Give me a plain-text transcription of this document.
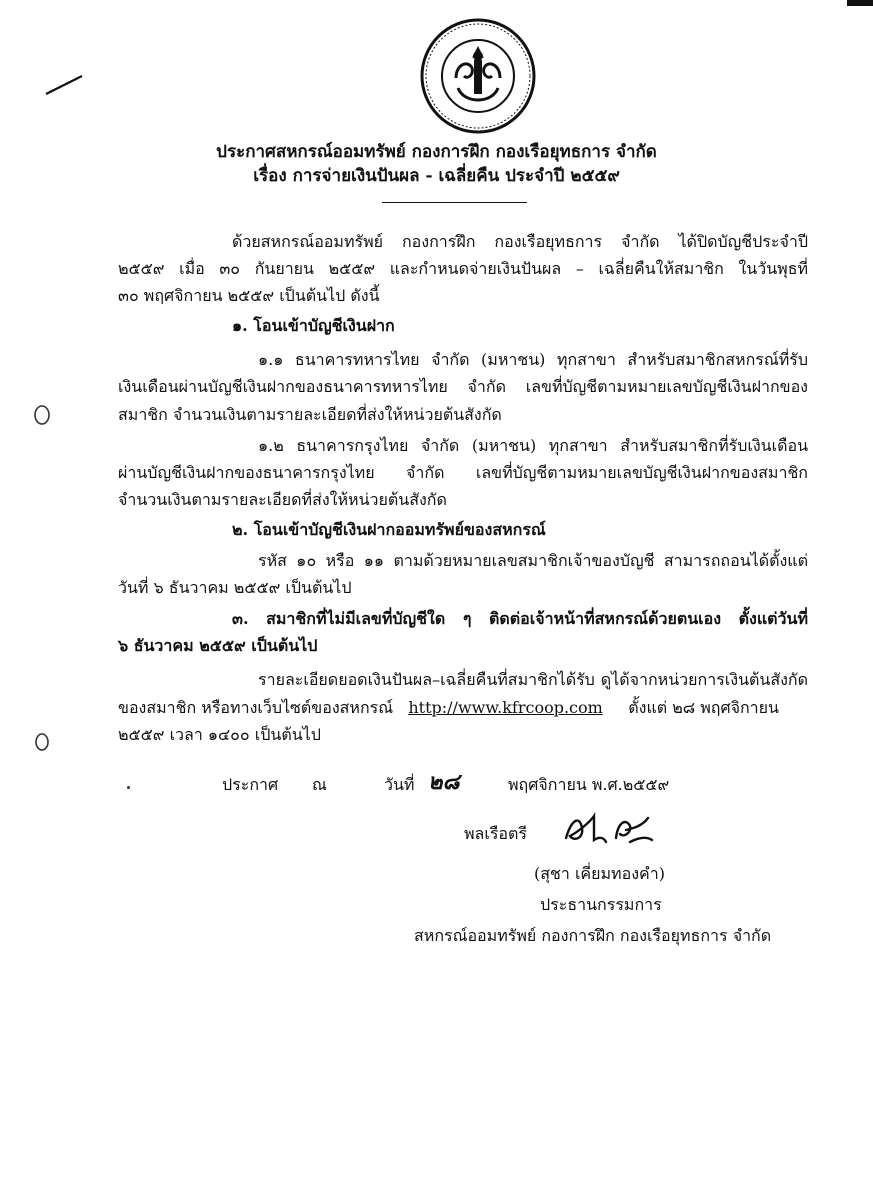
ประกาศสหกรณ์ออมทรัพย์ กองการฝึก กองเรือยุทธการ จำกัด
เรื่อง การจ่ายเงินปันผล - เฉลี่ยคืน ประจำปี ๒๕๕๙
ด้วยสหกรณ์ออมทรัพย์ กองการฝึก กองเรือยุทธการ จำกัด ได้ปิดบัญชีประจำปี
๒๕๕๙ เมื่อ ๓๐ กันยายน ๒๕๕๙ และกำหนดจ่ายเงินปันผล – เฉลี่ยคืนให้สมาชิก ในวันพุธที่
๓๐ พฤศจิกายน ๒๕๕๙ เป็นต้นไป ดังนี้
๑. โอนเข้าบัญชีเงินฝาก
๑.๑ ธนาคารทหารไทย จำกัด (มหาชน) ทุกสาขา สำหรับสมาชิกสหกรณ์ที่รับ
เงินเดือนผ่านบัญชีเงินฝากของธนาคารทหารไทย จำกัด เลขที่บัญชีตามหมายเลขบัญชีเงินฝากของ
สมาชิก จำนวนเงินตามรายละเอียดที่ส่งให้หน่วยต้นสังกัด
๑.๒ ธนาคารกรุงไทย จำกัด (มหาชน) ทุกสาขา สำหรับสมาชิกที่รับเงินเดือน
ผ่านบัญชีเงินฝากของธนาคารกรุงไทย จำกัด เลขที่บัญชีตามหมายเลขบัญชีเงินฝากของสมาชิก
จำนวนเงินตามรายละเอียดที่ส่งให้หน่วยต้นสังกัด
๒. โอนเข้าบัญชีเงินฝากออมทรัพย์ของสหกรณ์
รหัส ๑๐ หรือ ๑๑ ตามด้วยหมายเลขสมาชิกเจ้าของบัญชี สามารถถอนได้ตั้งแต่
วันที่ ๖ ธันวาคม ๒๕๕๙ เป็นต้นไป
๓. สมาชิกที่ไม่มีเลขที่บัญชีใด ๆ ติดต่อเจ้าหน้าที่สหกรณ์ด้วยตนเอง ตั้งแต่วันที่
๖ ธันวาคม ๒๕๕๙ เป็นต้นไป
รายละเอียดยอดเงินปันผล–เฉลี่ยคืนที่สมาชิกได้รับ ดูได้จากหน่วยการเงินต้นสังกัด
ของสมาชิก หรือทางเว็บไซต์ของสหกรณ์ http://www.kfrcoop.com ตั้งแต่ ๒๘ พฤศจิกายน
๒๕๕๙ เวลา ๑๔๐๐ เป็นต้นไป
ประกาศ ณ	วันที่ ๒๘	พฤศจิกายน พ.ศ.๒๕๕๙
พลเรือตรี
(สุชา เคี่ยมทองคำ)
ประธานกรรมการ
สหกรณ์ออมทรัพย์ กองการฝึก กองเรือยุทธการ จำกัด
